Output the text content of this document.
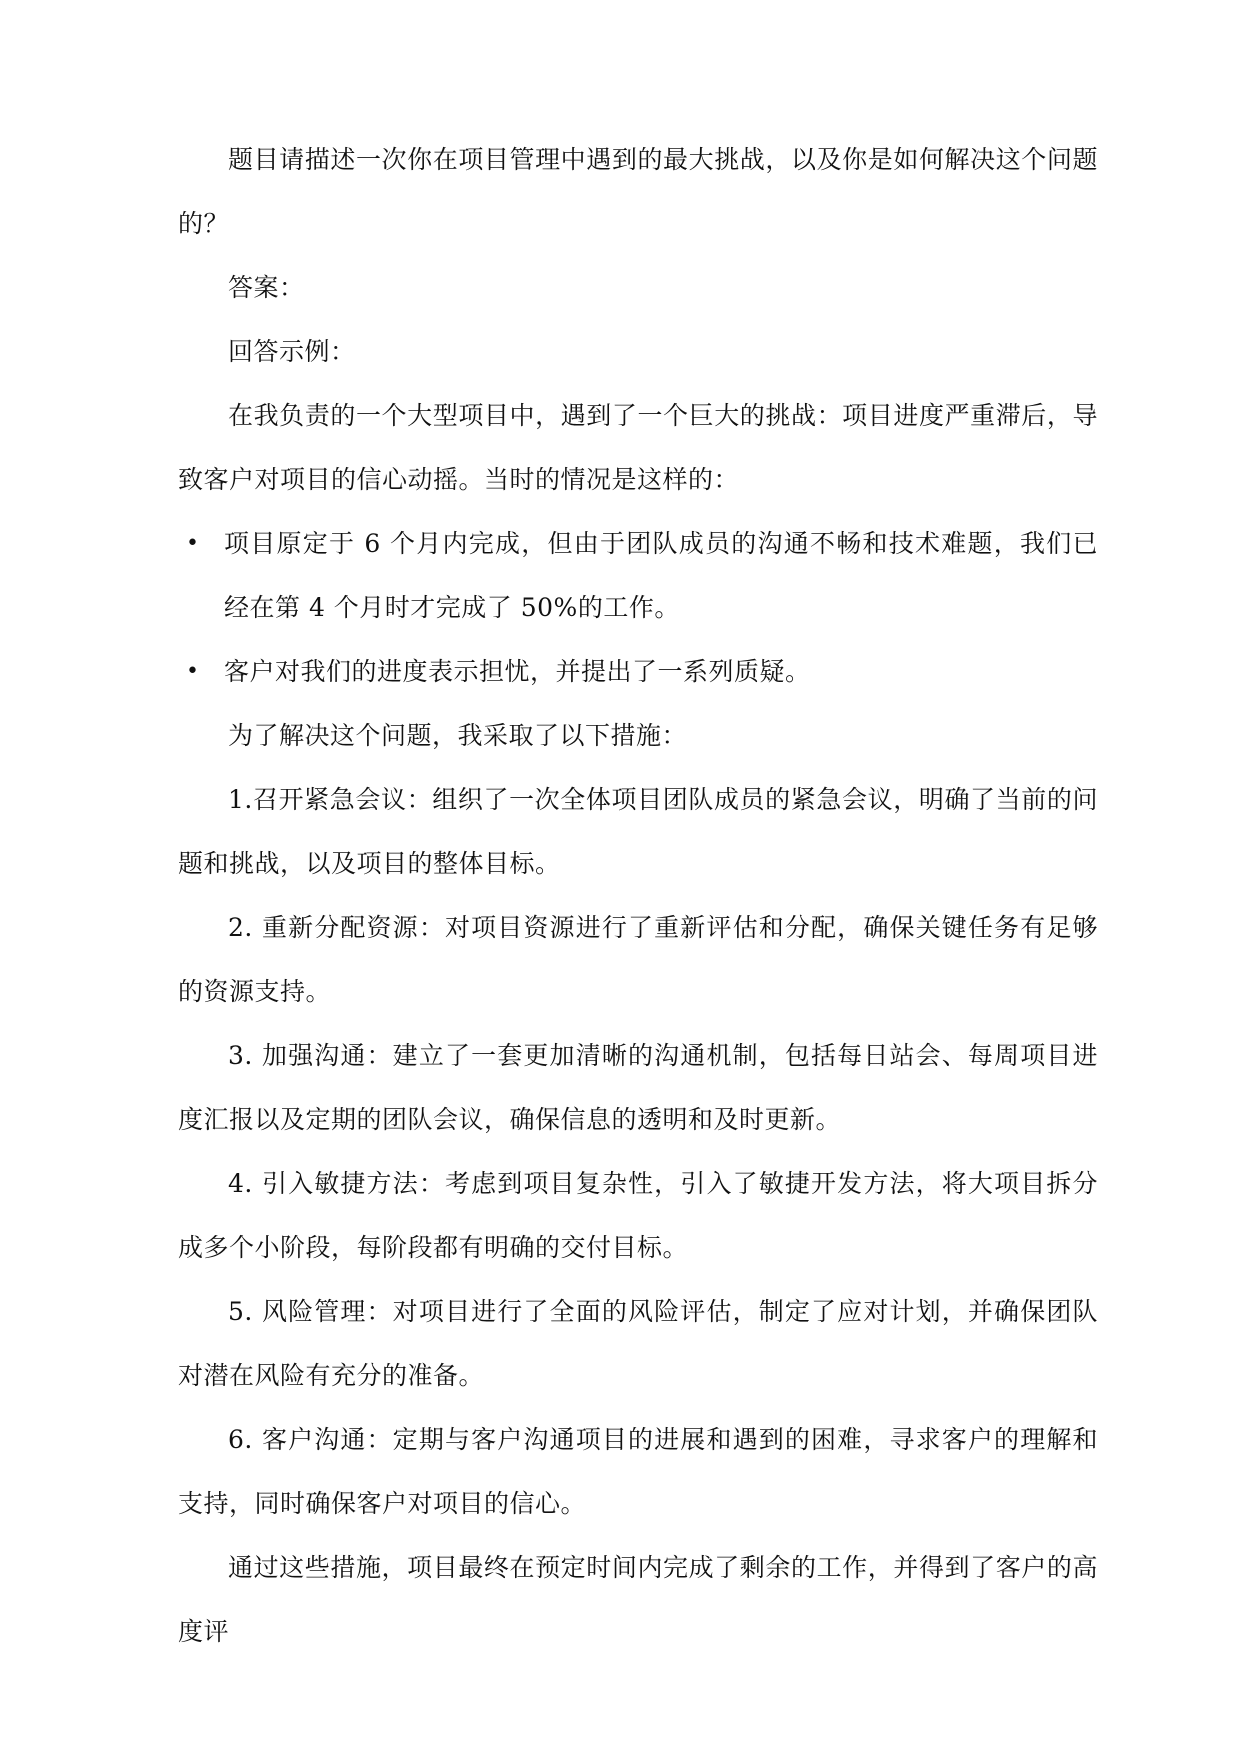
题目请描述一次你在项目管理中遇到的最大挑战，以及你是如何解决这个问题的？

答案：

回答示例：

在我负责的一个大型项目中，遇到了一个巨大的挑战：项目进度严重滞后，导致客户对项目的信心动摇。当时的情况是这样的：

• 项目原定于 6 个月内完成，但由于团队成员的沟通不畅和技术难题，我们已经在第 4 个月时才完成了 50%的工作。
• 客户对我们的进度表示担忧，并提出了一系列质疑。

为了解决这个问题，我采取了以下措施：

1.召开紧急会议：组织了一次全体项目团队成员的紧急会议，明确了当前的问题和挑战，以及项目的整体目标。

2. 重新分配资源：对项目资源进行了重新评估和分配，确保关键任务有足够的资源支持。

3. 加强沟通：建立了一套更加清晰的沟通机制，包括每日站会、每周项目进度汇报以及定期的团队会议，确保信息的透明和及时更新。

4. 引入敏捷方法：考虑到项目复杂性，引入了敏捷开发方法，将大项目拆分成多个小阶段，每阶段都有明确的交付目标。

5. 风险管理：对项目进行了全面的风险评估，制定了应对计划，并确保团队对潜在风险有充分的准备。

6. 客户沟通：定期与客户沟通项目的进展和遇到的困难，寻求客户的理解和支持，同时确保客户对项目的信心。

通过这些措施，项目最终在预定时间内完成了剩余的工作，并得到了客户的高度评
